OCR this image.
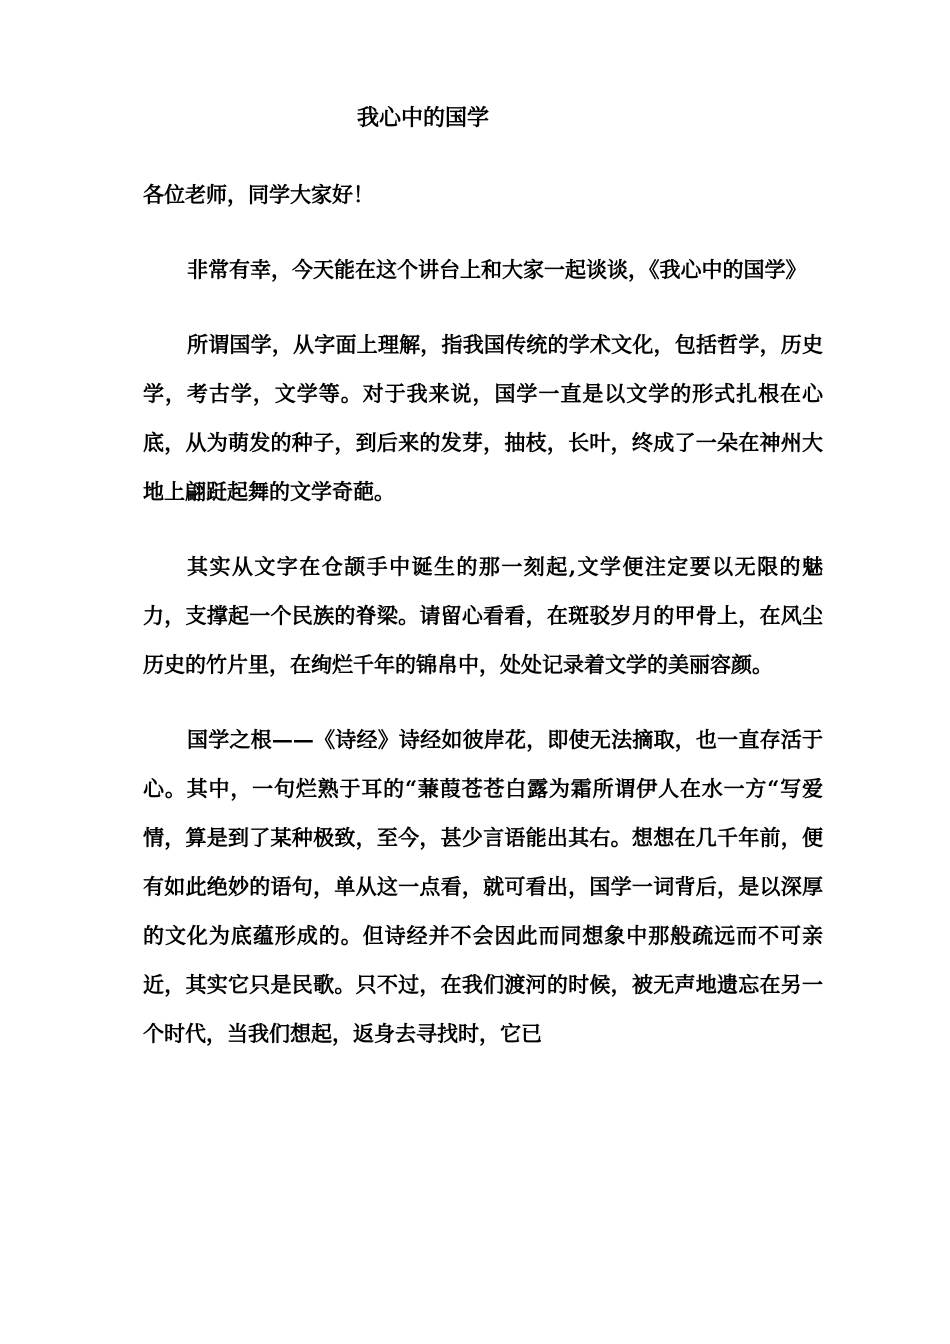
我心中的国学

各位老师，同学大家好！

非常有幸，今天能在这个讲台上和大家一起谈谈，《我心中的国学》

所谓国学，从字面上理解，指我国传统的学术文化，包括哲学，历史学，考古学，文学等。对于我来说，国学一直是以文学的形式扎根在心底，从为萌发的种子，到后来的发芽，抽枝，长叶，终成了一朵在神州大地上翩跹起舞的文学奇葩。

其实从文字在仓颉手中诞生的那一刻起,文学便注定要以无限的魅力，支撑起一个民族的脊梁。请留心看看，在斑驳岁月的甲骨上，在风尘历史的竹片里，在绚烂千年的锦帛中，处处记录着文学的美丽容颜。

国学之根——《诗经》诗经如彼岸花，即使无法摘取，也一直存活于心。其中，一句烂熟于耳的“蒹葭苍苍白露为霜所谓伊人在水一方“写爱情，算是到了某种极致，至今，甚少言语能出其右。想想在几千年前，便有如此绝妙的语句，单从这一点看，就可看出，国学一词背后，是以深厚的文化为底蕴形成的。但诗经并不会因此而同想象中那般疏远而不可亲近，其实它只是民歌。只不过，在我们渡河的时候，被无声地遗忘在另一个时代，当我们想起，返身去寻找时，它已
